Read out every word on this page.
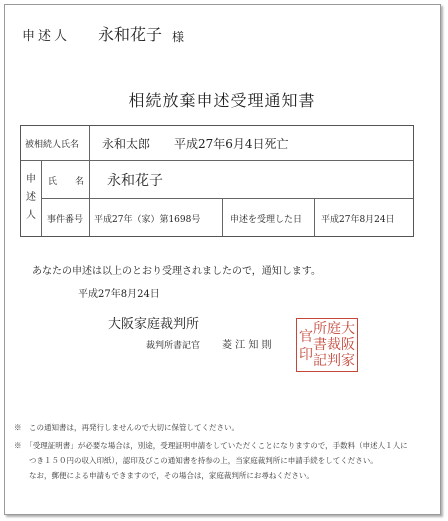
申述人 永和花子 様
相続放棄申述受理通知書
被相続人氏名 永和太郎　　平成27年6月4日死亡
申述人
氏　　名 永和花子
事件番号 平成27年（家）第1698号	申述を受理した日 平成27年8月24日
あなたの申述は以上のとおり受理されましたので，通知します。
平成27年8月24日
大阪家庭裁判所
裁判所書記官 菱 江 知 則
大
阪
家
庭
裁
判
所
書
記
官
印
※　この通知書は，再発行しませんので大切に保管してください。
※　「受理証明書」が必要な場合は，別途，受理証明申請をしていただくことになりますので，手数料（申述人１人に
つき１５０円の収入印紙），認印及びこの通知書を持参の上，当家庭裁判所に申請手続をしてください。
なお，郵便による申請もできますので，その場合は，家庭裁判所にお尋ねください。
